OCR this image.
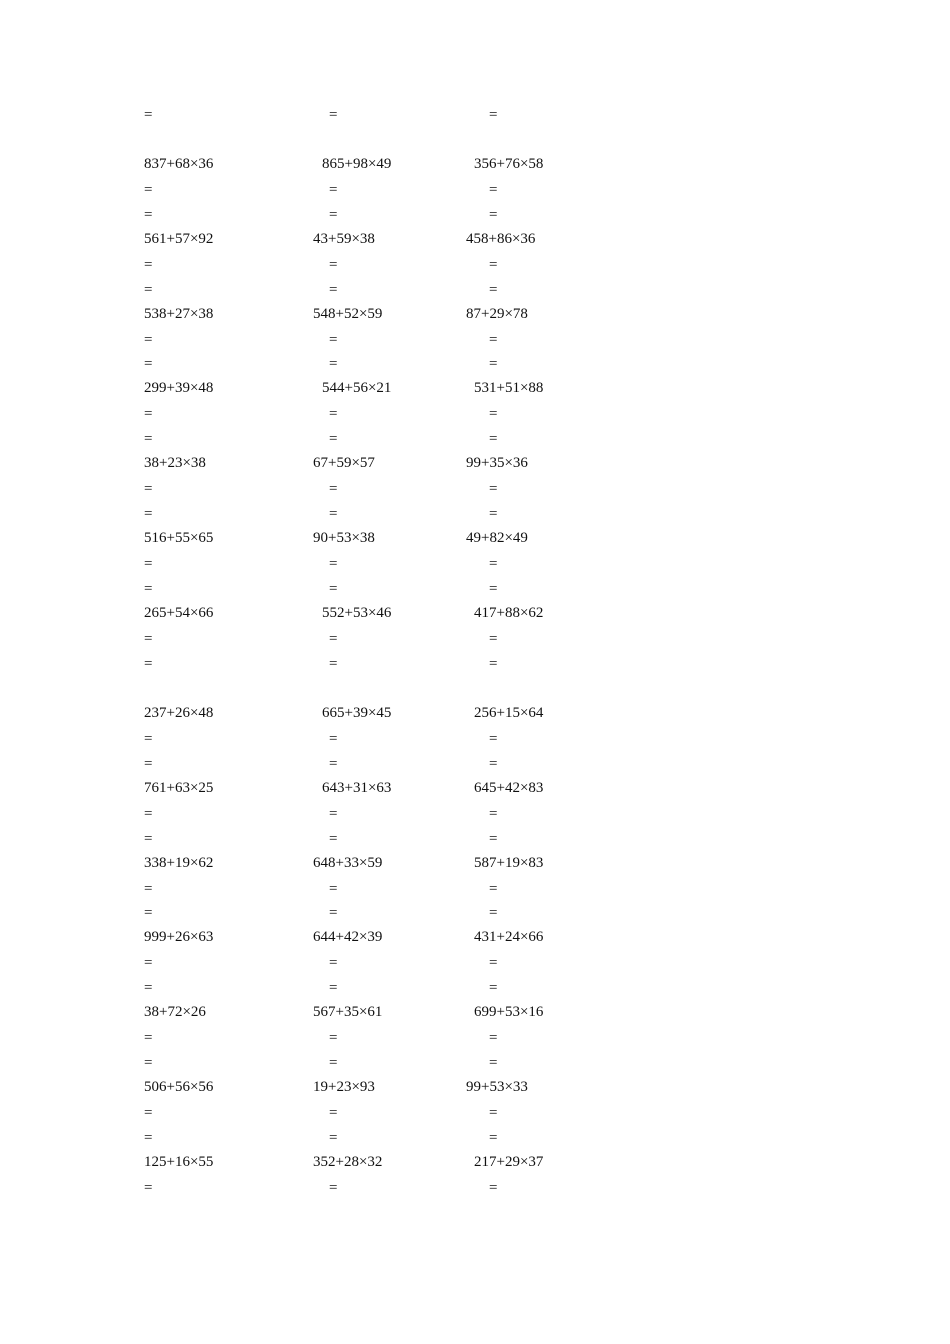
=	=	=
837+68×36
=
=
865+98×49
=
=
356+76×58
=
=
561+57×92
=
=
43+59×38
=
=
458+86×36
=
=
538+27×38
=
=
548+52×59
=
=
87+29×78
=
=
299+39×48
=
=
544+56×21
=
=
531+51×88
=
=
38+23×38
=
=
67+59×57
=
=
99+35×36
=
=
516+55×65
=
=
90+53×38
=
=
49+82×49
=
=
265+54×66
=
=
552+53×46
=
=
417+88×62
=
=
237+26×48
=
=
665+39×45
=
=
256+15×64
=
=
761+63×25
=
=
643+31×63
=
=
645+42×83
=
=
338+19×62
=
=
648+33×59
=
=
587+19×83
=
=
999+26×63
=
=
644+42×39
=
=
431+24×66
=
=
38+72×26
=
=
567+35×61
=
=
699+53×16
=
=
506+56×56
=
=
19+23×93
=
=
99+53×33
=
=
125+16×55
=
352+28×32
=
217+29×37
=
